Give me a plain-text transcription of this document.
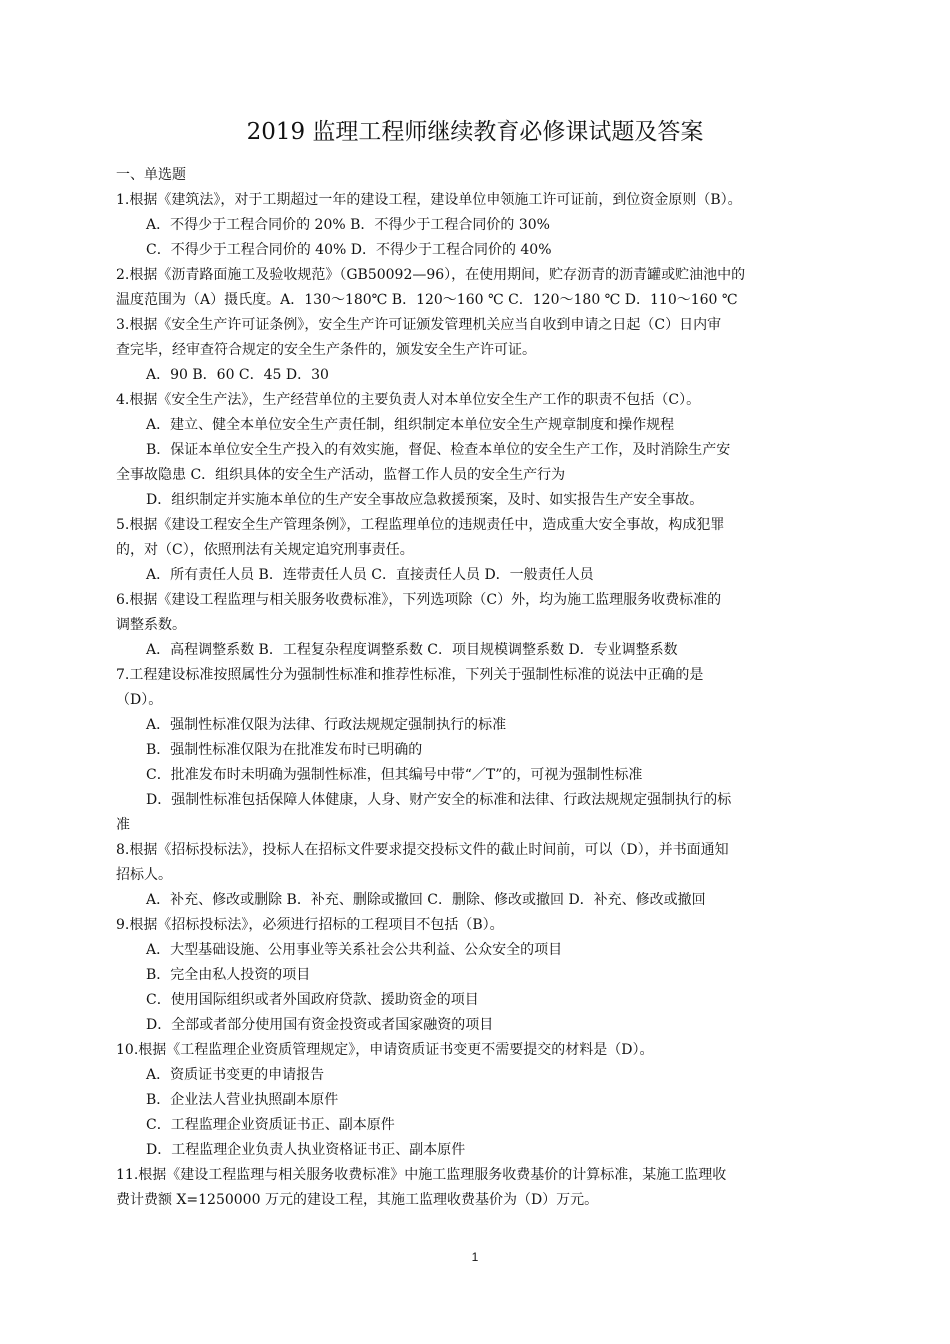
2019 监理工程师继续教育必修课试题及答案
一、单选题
1.根据《建筑法》，对于工期超过一年的建设工程，建设单位申领施工许可证前，到位资金原则（B）。
A．不得少于工程合同价的 20% B．不得少于工程合同价的 30%
C．不得少于工程合同价的 40% D．不得少于工程合同价的 40%
2.根据《沥青路面施工及验收规范》（GB50092—96），在使用期间，贮存沥青的沥青罐或贮油池中的
温度范围为（A）摄氏度。A．130～180℃ B．120～160 ℃ C．120～180 ℃ D．110～160 ℃
3.根据《安全生产许可证条例》，安全生产许可证颁发管理机关应当自收到申请之日起（C）日内审
查完毕，经审查符合规定的安全生产条件的，颁发安全生产许可证。
A．90 B．60 C．45 D．30
4.根据《安全生产法》，生产经营单位的主要负责人对本单位安全生产工作的职责不包括（C）。
A．建立、健全本单位安全生产责任制，组织制定本单位安全生产规章制度和操作规程
B．保证本单位安全生产投入的有效实施，督促、检查本单位的安全生产工作，及时消除生产安
全事故隐患 C．组织具体的安全生产活动，监督工作人员的安全生产行为
D．组织制定并实施本单位的生产安全事故应急救援预案，及时、如实报告生产安全事故。
5.根据《建设工程安全生产管理条例》，工程监理单位的违规责任中，造成重大安全事故，构成犯罪
的，对（C），依照刑法有关规定追究刑事责任。
A．所有责任人员 B．连带责任人员 C．直接责任人员 D．一般责任人员
6.根据《建设工程监理与相关服务收费标准》，下列选项除（C）外，均为施工监理服务收费标准的
调整系数。
A．高程调整系数 B．工程复杂程度调整系数 C．项目规模调整系数 D．专业调整系数
7.工程建设标准按照属性分为强制性标准和推荐性标准，下列关于强制性标准的说法中正确的是
（D）。
A．强制性标准仅限为法律、行政法规规定强制执行的标准
B．强制性标准仅限为在批准发布时已明确的
C．批准发布时未明确为强制性标准，但其编号中带“／T”的，可视为强制性标准
D．强制性标准包括保障人体健康，人身、财产安全的标准和法律、行政法规规定强制执行的标
准
8.根据《招标投标法》，投标人在招标文件要求提交投标文件的截止时间前，可以（D），并书面通知
招标人。
A．补充、修改或删除 B．补充、删除或撤回 C．删除、修改或撤回 D．补充、修改或撤回
9.根据《招标投标法》，必须进行招标的工程项目不包括（B）。
A．大型基础设施、公用事业等关系社会公共利益、公众安全的项目
B．完全由私人投资的项目
C．使用国际组织或者外国政府贷款、援助资金的项目
D．全部或者部分使用国有资金投资或者国家融资的项目
10.根据《工程监理企业资质管理规定》，申请资质证书变更不需要提交的材料是（D）。
A．资质证书变更的申请报告
B．企业法人营业执照副本原件
C．工程监理企业资质证书正、副本原件
D．工程监理企业负责人执业资格证书正、副本原件
11.根据《建设工程监理与相关服务收费标准》中施工监理服务收费基价的计算标准，某施工监理收
费计费额 X=1250000 万元的建设工程，其施工监理收费基价为（D）万元。
1
